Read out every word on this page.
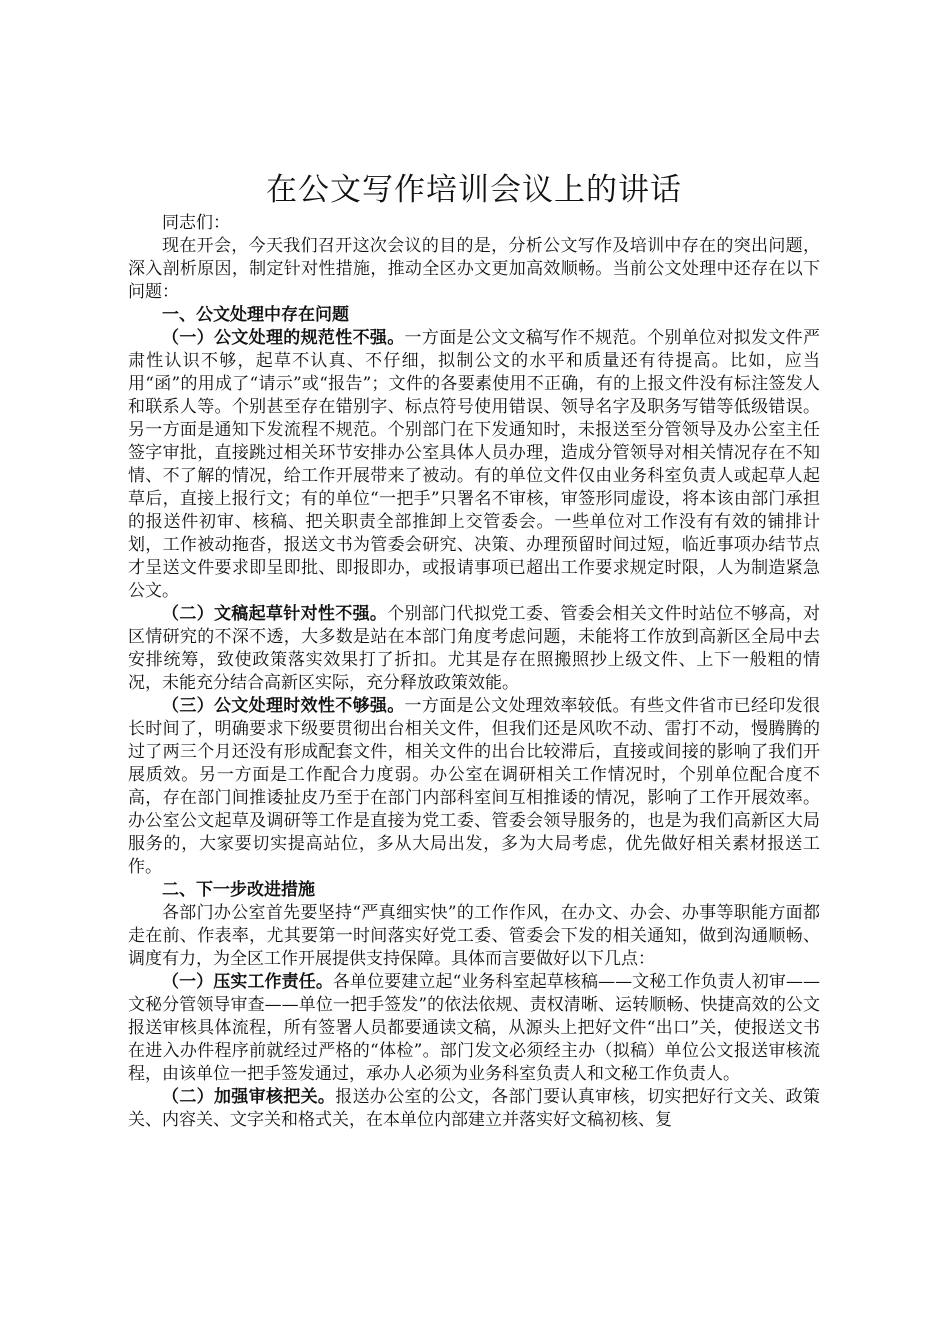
在公文写作培训会议上的讲话

同志们：

现在开会，今天我们召开这次会议的目的是，分析公文写作及培训中存在的突出问题，深入剖析原因，制定针对性措施，推动全区办文更加高效顺畅。当前公文处理中还存在以下问题：

一、公文处理中存在问题

（一）公文处理的规范性不强。一方面是公文文稿写作不规范。个别单位对拟发文件严肃性认识不够，起草不认真、不仔细，拟制公文的水平和质量还有待提高。比如，应当用“函”的用成了“请示”或“报告”；文件的各要素使用不正确，有的上报文件没有标注签发人和联系人等。个别甚至存在错别字、标点符号使用错误、领导名字及职务写错等低级错误。另一方面是通知下发流程不规范。个别部门在下发通知时，未报送至分管领导及办公室主任签字审批，直接跳过相关环节安排办公室具体人员办理，造成分管领导对相关情况存在不知情、不了解的情况，给工作开展带来了被动。有的单位文件仅由业务科室负责人或起草人起草后，直接上报行文；有的单位“一把手”只署名不审核，审签形同虚设，将本该由部门承担的报送件初审、核稿、把关职责全部推卸上交管委会。一些单位对工作没有有效的铺排计划，工作被动拖沓，报送文书为管委会研究、决策、办理预留时间过短，临近事项办结节点才呈送文件要求即呈即批、即报即办，或报请事项已超出工作要求规定时限，人为制造紧急公文。

（二）文稿起草针对性不强。个别部门代拟党工委、管委会相关文件时站位不够高，对区情研究的不深不透，大多数是站在本部门角度考虑问题，未能将工作放到高新区全局中去安排统筹，致使政策落实效果打了折扣。尤其是存在照搬照抄上级文件、上下一般粗的情况，未能充分结合高新区实际，充分释放政策效能。

（三）公文处理时效性不够强。一方面是公文处理效率较低。有些文件省市已经印发很长时间了，明确要求下级要贯彻出台相关文件，但我们还是风吹不动、雷打不动，慢腾腾的过了两三个月还没有形成配套文件，相关文件的出台比较滞后，直接或间接的影响了我们开展质效。另一方面是工作配合力度弱。办公室在调研相关工作情况时，个别单位配合度不高，存在部门间推诿扯皮乃至于在部门内部科室间互相推诿的情况，影响了工作开展效率。办公室公文起草及调研等工作是直接为党工委、管委会领导服务的，也是为我们高新区大局服务的，大家要切实提高站位，多从大局出发，多为大局考虑，优先做好相关素材报送工作。

二、下一步改进措施

各部门办公室首先要坚持“严真细实快”的工作作风，在办文、办会、办事等职能方面都走在前、作表率，尤其要第一时间落实好党工委、管委会下发的相关通知，做到沟通顺畅、调度有力，为全区工作开展提供支持保障。具体而言要做好以下几点：

（一）压实工作责任。各单位要建立起“业务科室起草核稿——文秘工作负责人初审——文秘分管领导审查——单位一把手签发”的依法依规、责权清晰、运转顺畅、快捷高效的公文报送审核具体流程，所有签署人员都要通读文稿，从源头上把好文件“出口”关，使报送文书在进入办件程序前就经过严格的“体检”。部门发文必须经主办（拟稿）单位公文报送审核流程，由该单位一把手签发通过，承办人必须为业务科室负责人和文秘工作负责人。

（二）加强审核把关。报送办公室的公文，各部门要认真审核，切实把好行文关、政策关、内容关、文字关和格式关，在本单位内部建立并落实好文稿初核、复
